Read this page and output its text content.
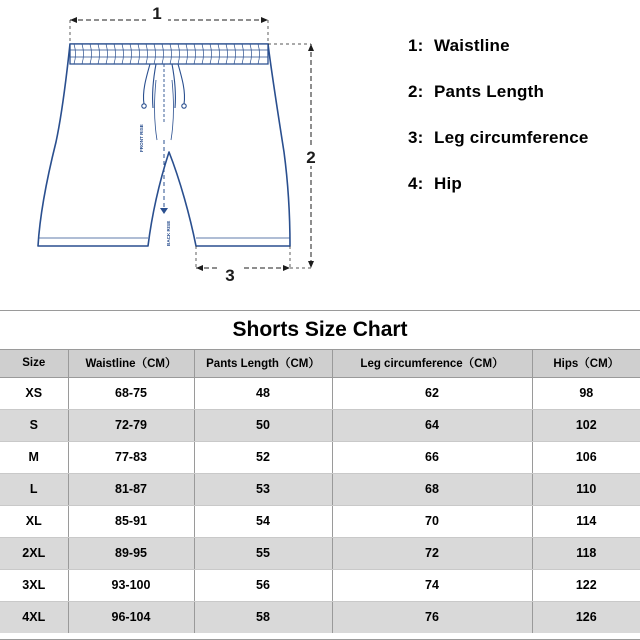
FRONT RISE
BACK RISE
1
2
3
1: Waistline
2: Pants Length
3: Leg circumference
4: Hip
Shorts Size Chart				
Size	Waistline（CM）	Pants Length（CM）	Leg circumference（CM）	Hips（CM）
XS	68-75	48	62	98
S	72-79	50	64	102
M	77-83	52	66	106
L	81-87	53	68	110
XL	85-91	54	70	114
2XL	89-95	55	72	118
3XL	93-100	56	74	122
4XL	96-104	58	76	126
